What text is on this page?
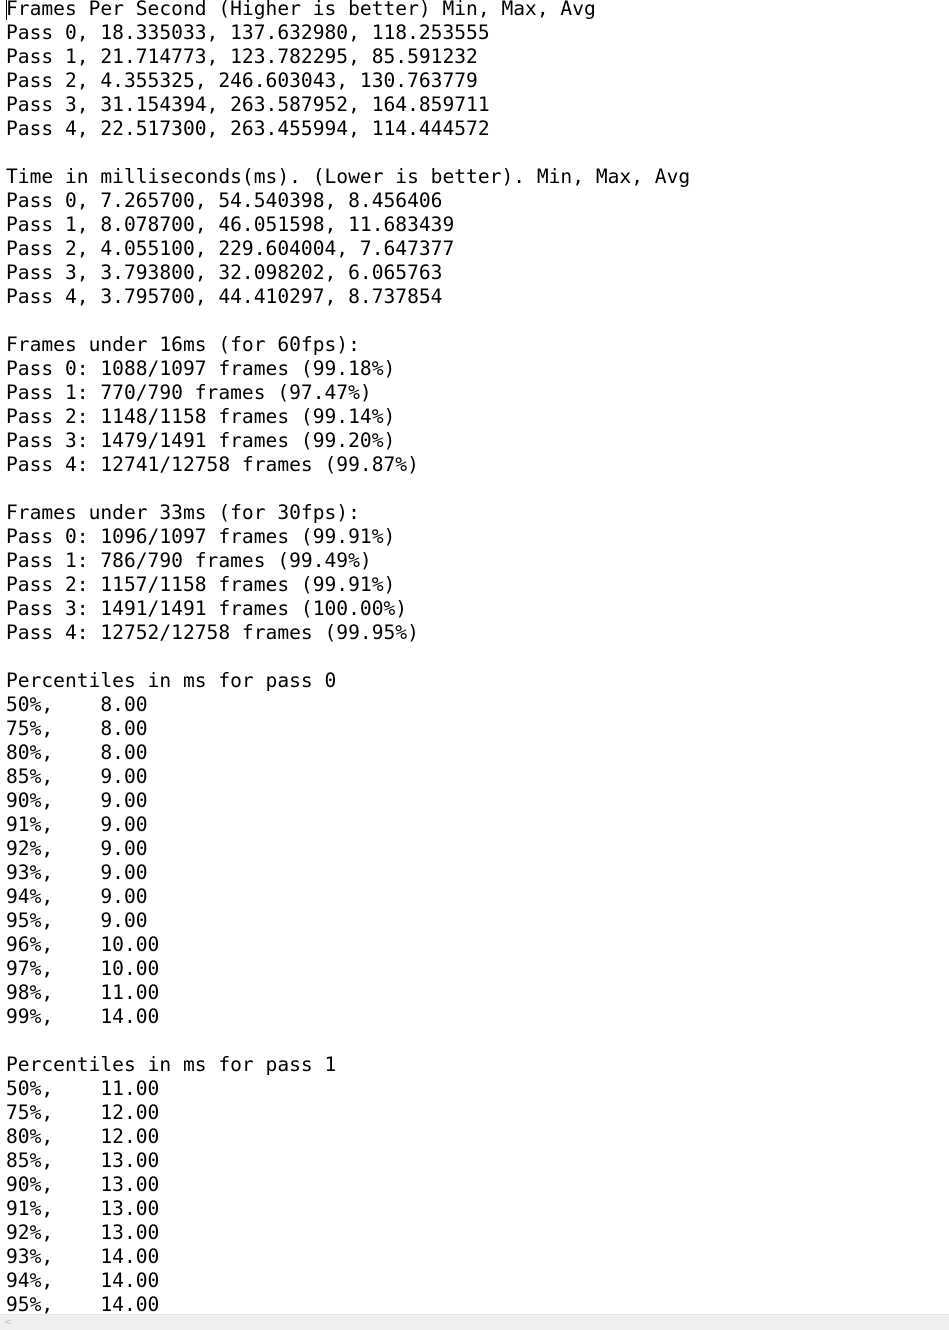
Frames Per Second (Higher is better) Min, Max, Avg
Pass 0, 18.335033, 137.632980, 118.253555
Pass 1, 21.714773, 123.782295, 85.591232
Pass 2, 4.355325, 246.603043, 130.763779
Pass 3, 31.154394, 263.587952, 164.859711
Pass 4, 22.517300, 263.455994, 114.444572
Time in milliseconds(ms). (Lower is better). Min, Max, Avg
Pass 0, 7.265700, 54.540398, 8.456406
Pass 1, 8.078700, 46.051598, 11.683439
Pass 2, 4.055100, 229.604004, 7.647377
Pass 3, 3.793800, 32.098202, 6.065763
Pass 4, 3.795700, 44.410297, 8.737854
Frames under 16ms (for 60fps):
Pass 0: 1088/1097 frames (99.18%)
Pass 1: 770/790 frames (97.47%)
Pass 2: 1148/1158 frames (99.14%)
Pass 3: 1479/1491 frames (99.20%)
Pass 4: 12741/12758 frames (99.87%)
Frames under 33ms (for 30fps):
Pass 0: 1096/1097 frames (99.91%)
Pass 1: 786/790 frames (99.49%)
Pass 2: 1157/1158 frames (99.91%)
Pass 3: 1491/1491 frames (100.00%)
Pass 4: 12752/12758 frames (99.95%)
Percentiles in ms for pass 0
50%,	8.00
75%,	8.00
80%,	8.00
85%,	9.00
90%,	9.00
91%,	9.00
92%,	9.00
93%,	9.00
94%,	9.00
95%,	9.00
96%,	10.00
97%,	10.00
98%,	11.00
99%,	14.00
Percentiles in ms for pass 1
50%,	11.00
75%,	12.00
80%,	12.00
85%,	13.00
90%,	13.00
91%,	13.00
92%,	13.00
93%,	14.00
94%,	14.00
95%,	14.00
<
